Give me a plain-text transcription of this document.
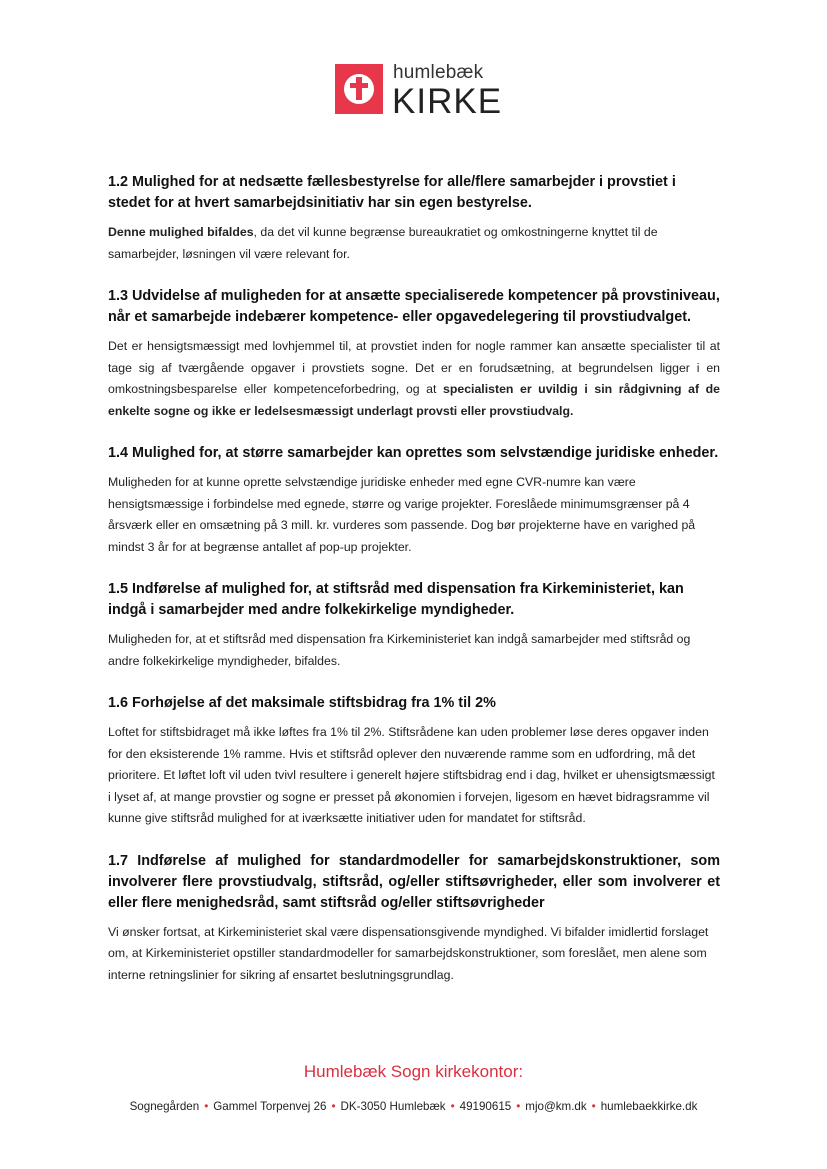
humlebæk
KIRKE

1.2 Mulighed for at nedsætte fællesbestyrelse for alle/flere samarbejder i provstiet i stedet for at hvert samarbejdsinitiativ har sin egen bestyrelse.

Denne mulighed bifaldes, da det vil kunne begrænse bureaukratiet og omkostningerne knyttet til de samarbejder, løsningen vil være relevant for.

1.3 Udvidelse af muligheden for at ansætte specialiserede kompetencer på provstiniveau, når et samarbejde indebærer kompetence- eller opgavedelegering til provstiudvalget.

Det er hensigtsmæssigt med lovhjemmel til, at provstiet inden for nogle rammer kan ansætte specialister til at tage sig af tværgående opgaver i provstiets sogne. Det er en forudsætning, at begrundelsen ligger i en omkostningsbesparelse eller kompetenceforbedring, og at specialisten er uvildig i sin rådgivning af de enkelte sogne og ikke er ledelsesmæssigt underlagt provsti eller provstiudvalg.

1.4 Mulighed for, at større samarbejder kan oprettes som selvstændige juridiske enheder.

Muligheden for at kunne oprette selvstændige juridiske enheder med egne CVR-numre kan være hensigtsmæssige i forbindelse med egnede, større og varige projekter. Foreslåede minimumsgrænser på 4 årsværk eller en omsætning på 3 mill. kr. vurderes som passende. Dog bør projekterne have en varighed på mindst 3 år for at begrænse antallet af pop-up projekter.

1.5 Indførelse af mulighed for, at stiftsråd med dispensation fra Kirkeministeriet, kan indgå i samarbejder med andre folkekirkelige myndigheder.

Muligheden for, at et stiftsråd med dispensation fra Kirkeministeriet kan indgå samarbejder med stiftsråd og andre folkekirkelige myndigheder, bifaldes.

1.6 Forhøjelse af det maksimale stiftsbidrag fra 1% til 2%

Loftet for stiftsbidraget må ikke løftes fra 1% til 2%. Stiftsrådene kan uden problemer løse deres opgaver inden for den eksisterende 1% ramme. Hvis et stiftsråd oplever den nuværende ramme som en udfordring, må det prioritere. Et løftet loft vil uden tvivl resultere i generelt højere stiftsbidrag end i dag, hvilket er uhensigtsmæssigt i lyset af, at mange provstier og sogne er presset på økonomien i forvejen, ligesom en hævet bidragsramme vil kunne give stiftsråd mulighed for at iværksætte initiativer uden for mandatet for stiftsråd.

1.7 Indførelse af mulighed for standardmodeller for samarbejdskonstruktioner, som involverer flere provstiudvalg, stiftsråd, og/eller stiftsøvrigheder, eller som involverer et eller flere menighedsråd, samt stiftsråd og/eller stiftsøvrigheder

Vi ønsker fortsat, at Kirkeministeriet skal være dispensationsgivende myndighed. Vi bifalder imidlertid forslaget om, at Kirkeministeriet opstiller standardmodeller for samarbejdskonstruktioner, som foreslået, men alene som interne retningslinier for sikring af ensartet beslutningsgrundlag.

Humlebæk Sogn kirkekontor:
Sognegården • Gammel Torpenvej 26 • DK-3050 Humlebæk • 49190615 • mjo@km.dk • humlebaekkirke.dk
